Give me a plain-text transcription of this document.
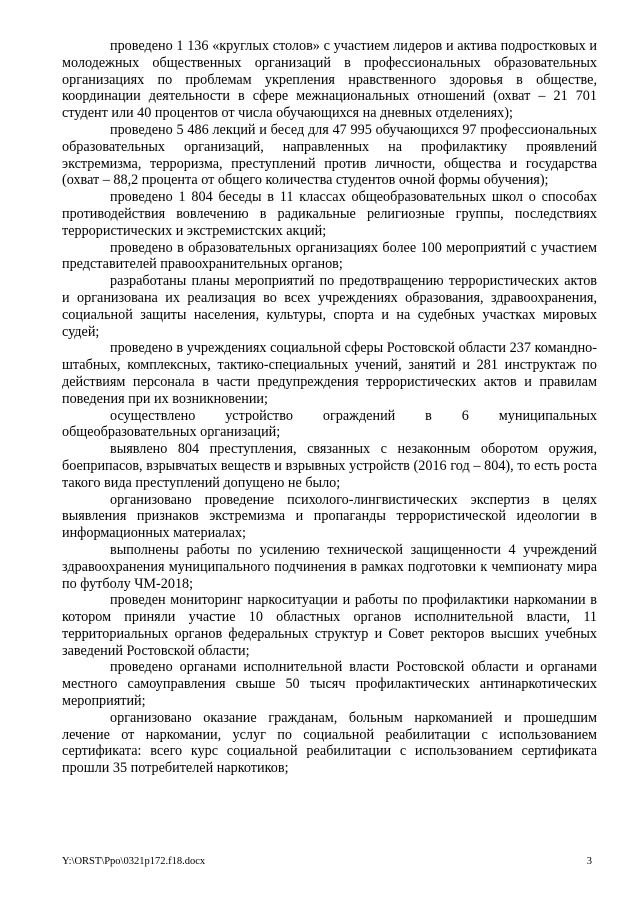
проведено 1 136 «круглых столов» с участием лидеров и актива подростковых и молодежных общественных организаций в профессиональных образовательных организациях по проблемам укрепления нравственного здоровья в обществе, координации деятельности в сфере межнациональных отношений (охват – 21 701 студент или 40 процентов от числа обучающихся на дневных отделениях);

проведено 5 486 лекций и бесед для 47 995 обучающихся 97 профессиональных образовательных организаций, направленных на профилактику проявлений экстремизма, терроризма, преступлений против личности, общества и государства (охват – 88,2 процента от общего количества студентов очной формы обучения);

проведено 1 804 беседы в 11 классах общеобразовательных школ о способах противодействия вовлечению в радикальные религиозные группы, последствиях террористических и экстремистских акций;

проведено в образовательных организациях более 100 мероприятий с участием представителей правоохранительных органов;

разработаны планы мероприятий по предотвращению террористических актов и организована их реализация во всех учреждениях образования, здравоохранения, социальной защиты населения, культуры, спорта и на судебных участках мировых судей;

проведено в учреждениях социальной сферы Ростовской области 237 командно-штабных, комплексных, тактико-специальных учений, занятий и 281 инструктаж по действиям персонала в части предупреждения террористических актов и правилам поведения при их возникновении;

осуществлено устройство ограждений в 6 муниципальных общеобразовательных организаций;

выявлено 804 преступления, связанных с незаконным оборотом оружия, боеприпасов, взрывчатых веществ и взрывных устройств (2016 год – 804), то есть роста такого вида преступлений допущено не было;

организовано проведение психолого-лингвистических экспертиз в целях выявления признаков экстремизма и пропаганды террористической идеологии в информационных материалах;

выполнены работы по усилению технической защищенности 4 учреждений здравоохранения муниципального подчинения в рамках подготовки к чемпионату мира по футболу ЧМ-2018;

проведен мониторинг наркоситуации и работы по профилактики наркомании в котором приняли участие 10 областных органов исполнительной власти, 11 территориальных органов федеральных структур и Совет ректоров высших учебных заведений Ростовской области;

проведено органами исполнительной власти Ростовской области и органами местного самоуправления свыше 50 тысяч профилактических антинаркотических мероприятий;

организовано оказание гражданам, больным наркоманией и прошедшим лечение от наркомании, услуг по социальной реабилитации с использованием сертификата: всего курс социальной реабилитации с использованием сертификата прошли 35 потребителей наркотиков;

Y:\ORST\Ppo\0321p172.f18.docx	3
